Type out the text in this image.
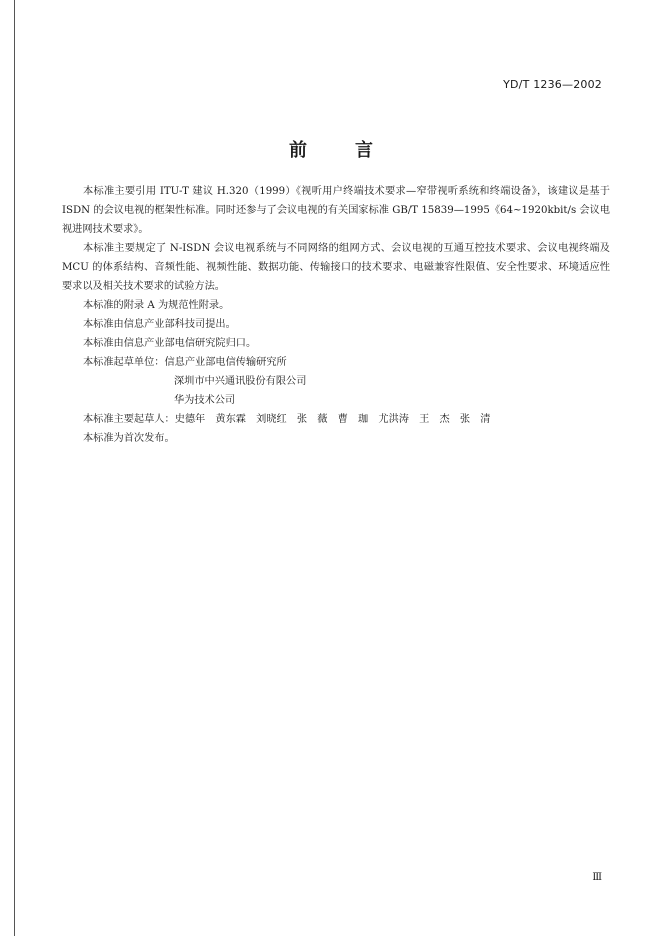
YD/T 1236—2002
前言

本标准主要引用 ITU-T 建议 H.320（1999）《视听用户终端技术要求—窄带视听系统和终端设备》，该建议是基于 ISDN 的会议电视的框架性标准。同时还参与了会议电视的有关国家标准 GB/T 15839—1995《64~1920kbit/s 会议电视进网技术要求》。

本标准主要规定了 N-ISDN 会议电视系统与不同网络的组网方式、会议电视的互通互控技术要求、会议电视终端及 MCU 的体系结构、音频性能、视频性能、数据功能、传输接口的技术要求、电磁兼容性限值、安全性要求、环境适应性要求以及相关技术要求的试验方法。

本标准的附录 A 为规范性附录。

本标准由信息产业部科技司提出。

本标准由信息产业部电信研究院归口。

本标准起草单位：信息产业部电信传输研究所

深圳市中兴通讯股份有限公司

华为技术公司

本标准主要起草人：史德年　黄东霖　刘晓红　张　薇　曹　珈　尤洪涛　王　杰　张　清

本标准为首次发布。

Ⅲ
